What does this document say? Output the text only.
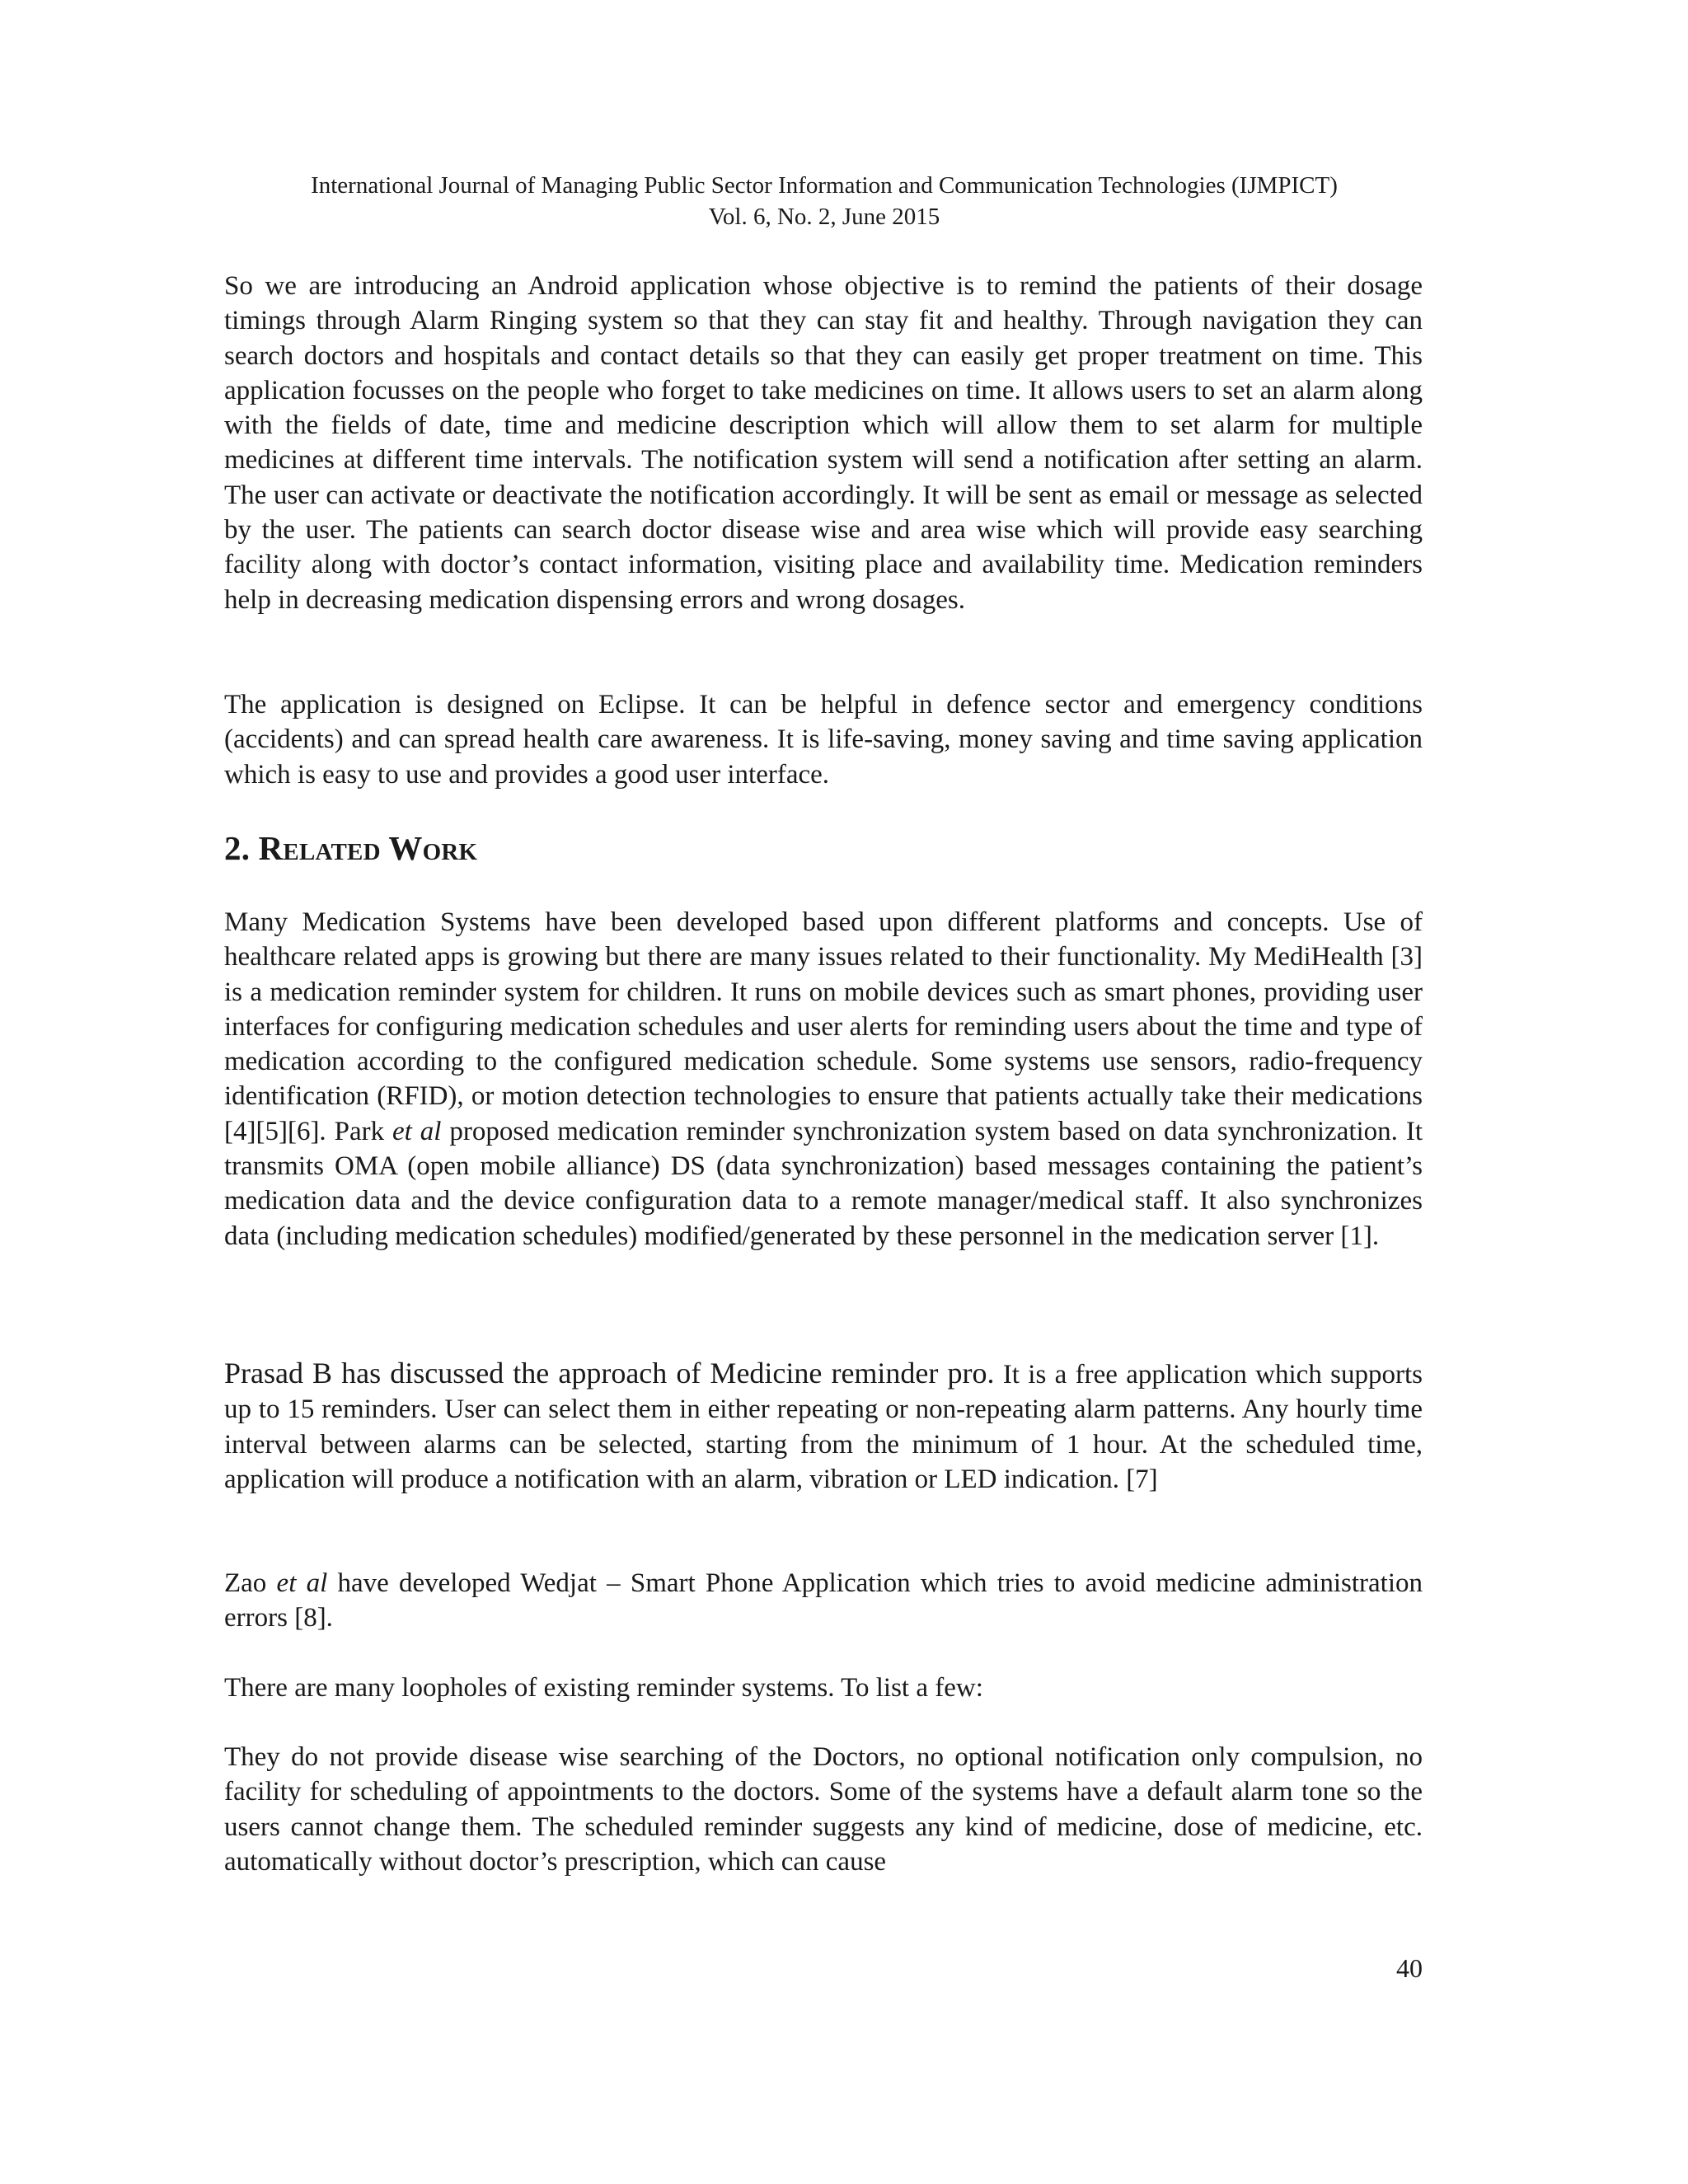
International Journal of Managing Public Sector Information and Communication Technologies (IJMPICT)
Vol. 6, No. 2, June 2015

So we are introducing an Android application whose objective is to remind the patients of their dosage timings through Alarm Ringing system so that they can stay fit and healthy. Through navigation they can search doctors and hospitals and contact details so that they can easily get proper treatment on time. This application focusses on the people who forget to take medicines on time. It allows users to set an alarm along with the fields of date, time and medicine description which will allow them to set alarm for multiple medicines at different time intervals. The notification system will send a notification after setting an alarm. The user can activate or deactivate the notification accordingly. It will be sent as email or message as selected by the user. The patients can search doctor disease wise and area wise which will provide easy searching facility along with doctor’s contact information, visiting place and availability time. Medication reminders help in decreasing medication dispensing errors and wrong dosages.

The application is designed on Eclipse. It can be helpful in defence sector and emergency conditions (accidents) and can spread health care awareness. It is life-saving, money saving and time saving application which is easy to use and provides a good user interface.

2. Related Work

Many Medication Systems have been developed based upon different platforms and concepts. Use of healthcare related apps is growing but there are many issues related to their functionality. My MediHealth [3] is a medication reminder system for children. It runs on mobile devices such as smart phones, providing user interfaces for configuring medication schedules and user alerts for reminding users about the time and type of medication according to the configured medication schedule. Some systems use sensors, radio-frequency identification (RFID), or motion detection technologies to ensure that patients actually take their medications [4][5][6]. Park et al proposed medication reminder synchronization system based on data synchronization. It transmits OMA (open mobile alliance) DS (data synchronization) based messages containing the patient’s medication data and the device configuration data to a remote manager/medical staff. It also synchronizes data (including medication schedules) modified/generated by these personnel in the medication server [1].

Prasad B has discussed the approach of Medicine reminder pro. It is a free application which supports up to 15 reminders. User can select them in either repeating or non-repeating alarm patterns. Any hourly time interval between alarms can be selected, starting from the minimum of 1 hour. At the scheduled time, application will produce a notification with an alarm, vibration or LED indication. [7]

Zao et al have developed Wedjat – Smart Phone Application which tries to avoid medicine administration errors [8].

There are many loopholes of existing reminder systems. To list a few:

They do not provide disease wise searching of the Doctors, no optional notification only compulsion, no facility for scheduling of appointments to the doctors. Some of the systems have a default alarm tone so the users cannot change them. The scheduled reminder suggests any kind of medicine, dose of medicine, etc. automatically without doctor’s prescription, which can cause

40
